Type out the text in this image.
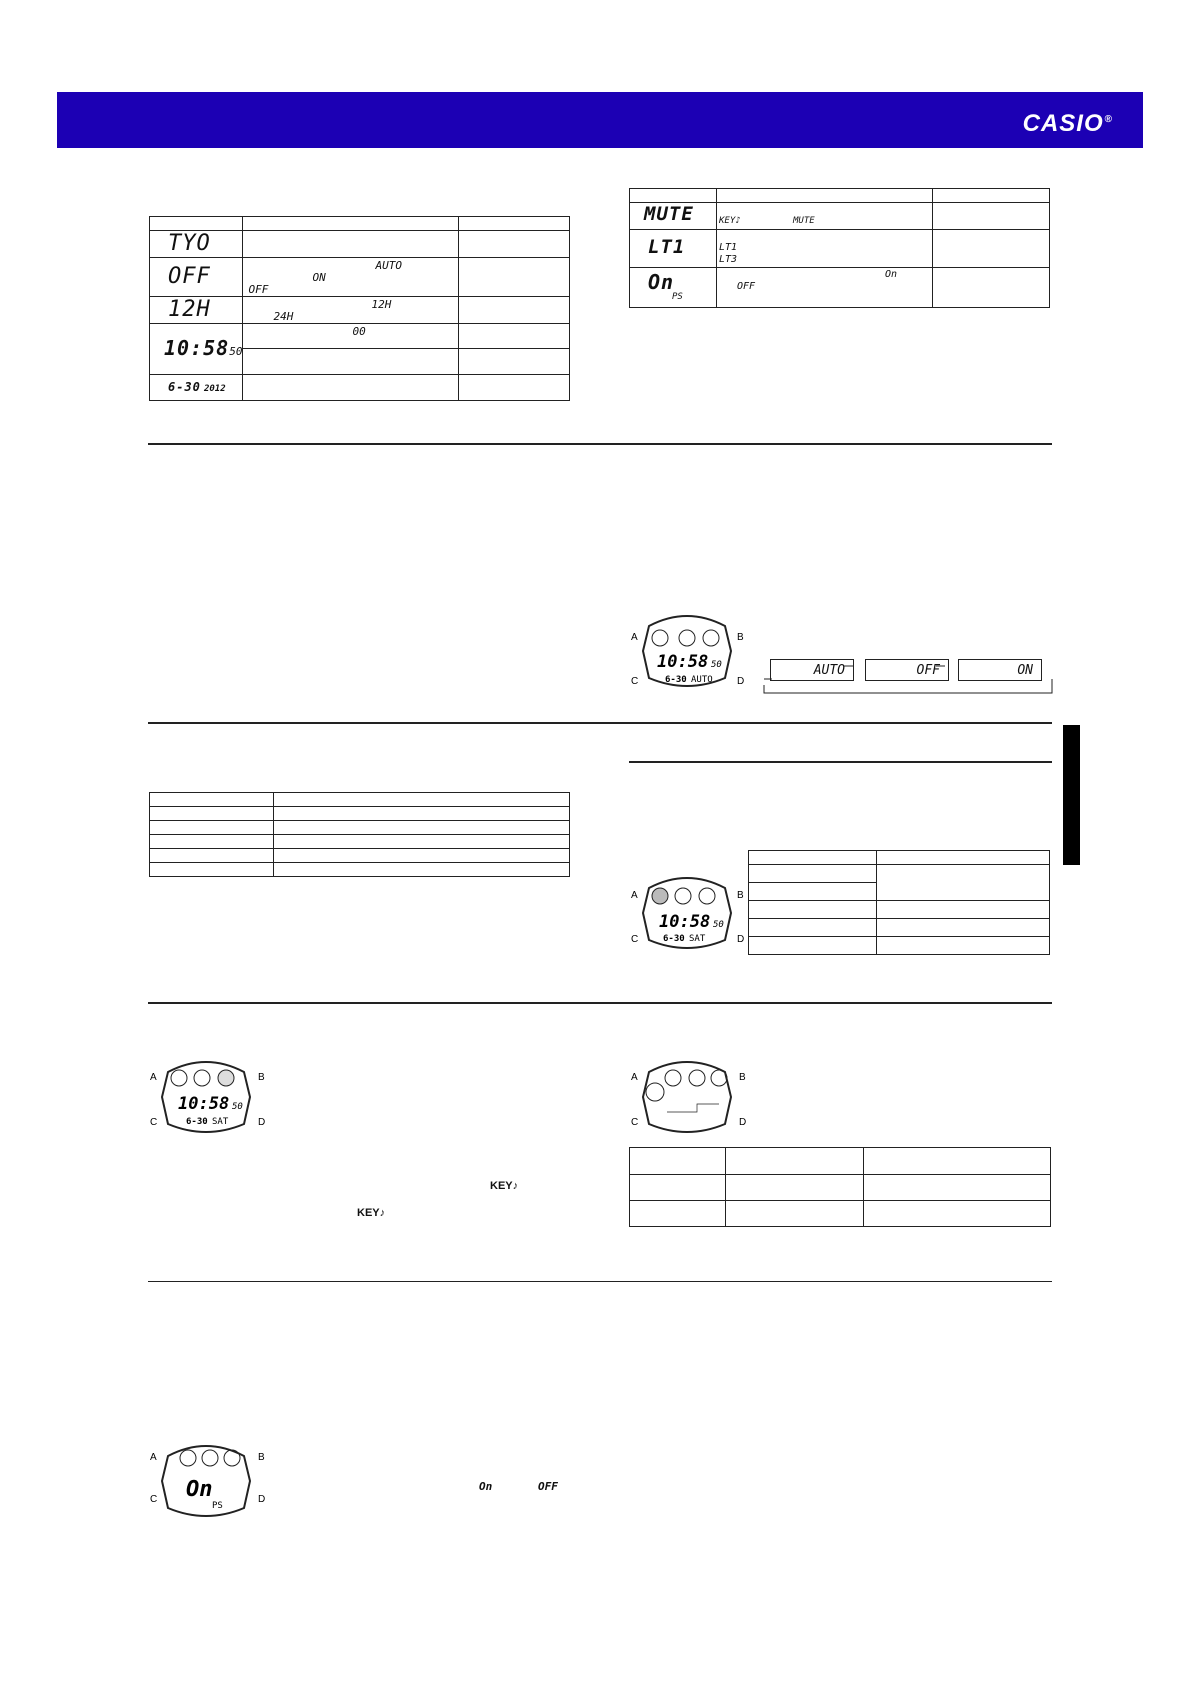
CASIO®

TYO		
OFF	AUTO
ON
OFF	

12H	12H
24H	

10:5850	00	

6-30 2012		

MUTE	KEY♪ MUTE	

LT1	LT1
LT3	

On
PS	On
OFF	

10:58 50
6-30 AUTO
A	B
C	D
AUTO	OFF	ON

10:58 50
6-30 SAT
A	B
C	D

10:58 50
6-30 SAT
A	B
C	D
KEY♪
KEY♪
A	B
C	D

On
PS
A	B
C	D
On	OFF
